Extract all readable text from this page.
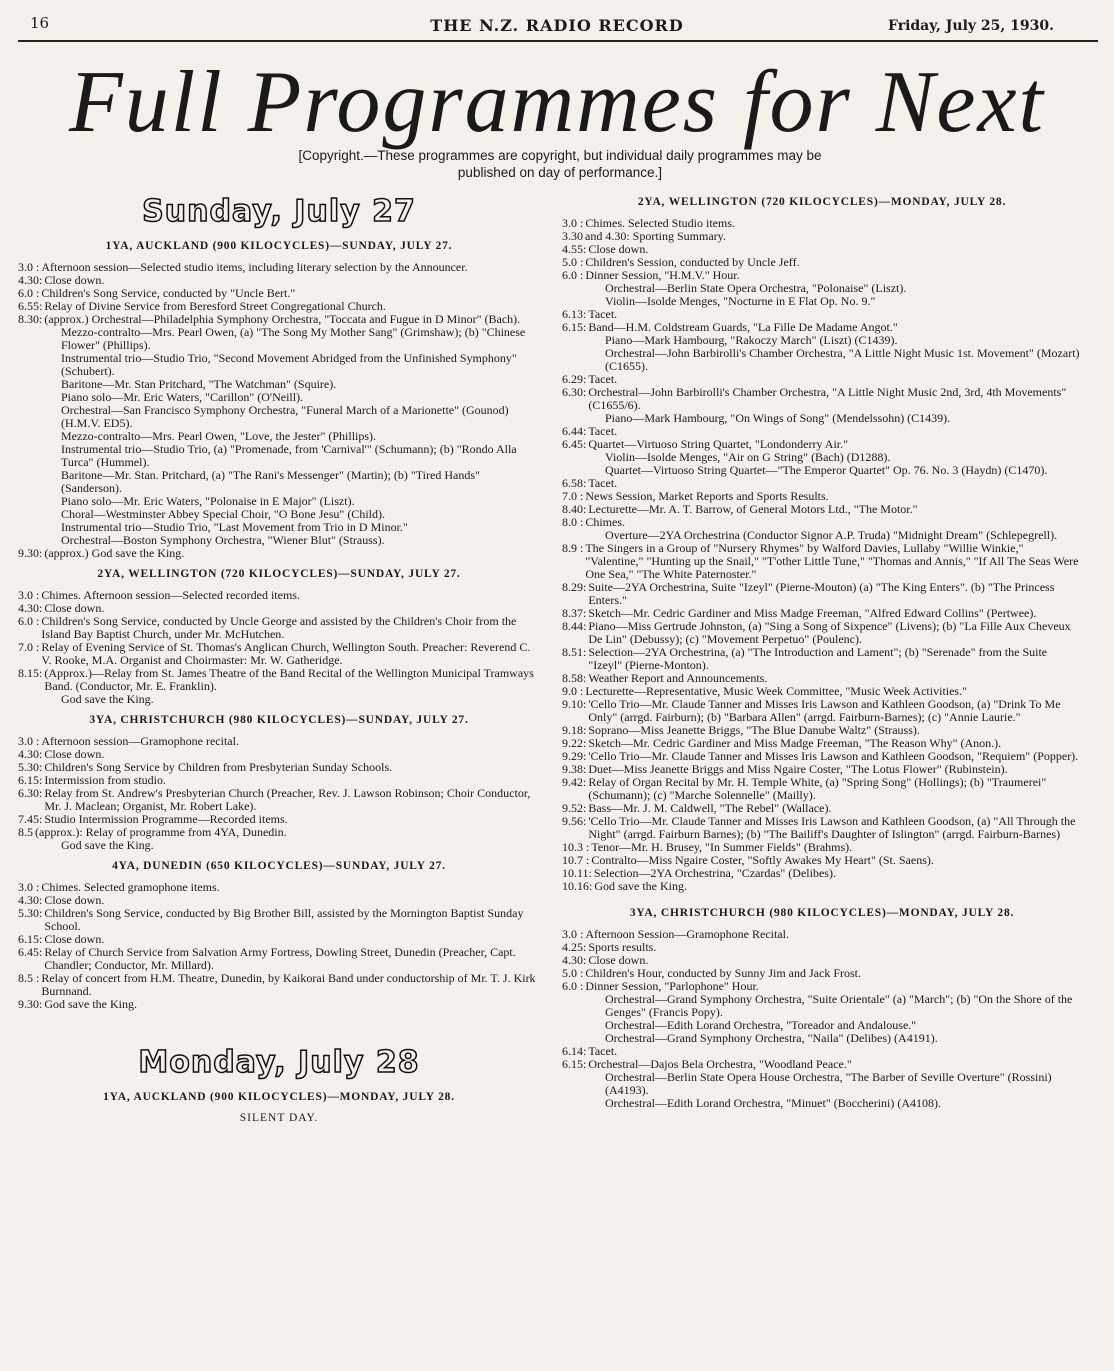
16	THE N.Z. RADIO RECORD	Friday, July 25, 1930.
Full Programmes for Next
[Copyright.—These programmes are copyright, but individual daily programmes may be published on day of performance.]
Sunday, July 27
1YA, AUCKLAND (900 KILOCYCLES)—SUNDAY, JULY 27.
3.0 : Afternoon session—Selected studio items, including literary selection by the Announcer.
4.30: Close down.
6.0 : Children's Song Service, conducted by "Uncle Bert."
6.55: Relay of Divine Service from Beresford Street Congregational Church.
8.30: (approx.) Orchestral—Philadelphia Symphony Orchestra, "Toccata and Fugue in D Minor" (Bach).
Mezzo-contralto—Mrs. Pearl Owen, (a) "The Song My Mother Sang" (Grimshaw); (b) "Chinese Flower" (Phillips).
Instrumental trio—Studio Trio, "Second Movement Abridged from the Unfinished Symphony" (Schubert).
Baritone—Mr. Stan Pritchard, "The Watchman" (Squire).
Piano solo—Mr. Eric Waters, "Carillon" (O'Neill).
Orchestral—San Francisco Symphony Orchestra, "Funeral March of a Marionette" (Gounod) (H.M.V. ED5).
Mezzo-contralto—Mrs. Pearl Owen, "Love, the Jester" (Phillips).
Instrumental trio—Studio Trio, (a) "Promenade, from 'Carnival'" (Schumann); (b) "Rondo Alla Turca" (Hummel).
Baritone—Mr. Stan. Pritchard, (a) "The Rani's Messenger" (Martin); (b) "Tired Hands" (Sanderson).
Piano solo—Mr. Eric Waters, "Polonaise in E Major" (Liszt).
Choral—Westminster Abbey Special Choir, "O Bone Jesu" (Child).
Instrumental trio—Studio Trio, "Last Movement from Trio in D Minor."
Orchestral—Boston Symphony Orchestra, "Wiener Blut" (Strauss).
9.30: (approx.) God save the King.
2YA, WELLINGTON (720 KILOCYCLES)—SUNDAY, JULY 27.
3.0 : Chimes. Afternoon session—Selected recorded items.
4.30: Close down.
6.0 : Children's Song Service, conducted by Uncle George and assisted by the Children's Choir from the Island Bay Baptist Church, under Mr. McHutchen.
7.0 : Relay of Evening Service of St. Thomas's Anglican Church, Wellington South. Preacher: Reverend C. V. Rooke, M.A. Organist and Choirmaster: Mr. W. Gatheridge.
8.15: (Approx.)—Relay from St. James Theatre of the Band Recital of the Wellington Municipal Tramways Band. (Conductor, Mr. E. Franklin).
God save the King.
3YA, CHRISTCHURCH (980 KILOCYCLES)—SUNDAY, JULY 27.
3.0 : Afternoon session—Gramophone recital.
4.30: Close down.
5.30: Children's Song Service by Children from Presbyterian Sunday Schools.
6.15: Intermission from studio.
6.30: Relay from St. Andrew's Presbyterian Church (Preacher, Rev. J. Lawson Robinson; Choir Conductor, Mr. J. Maclean; Organist, Mr. Robert Lake).
7.45: Studio Intermission Programme—Recorded items.
8.5 (approx.): Relay of programme from 4YA, Dunedin.
God save the King.
4YA, DUNEDIN (650 KILOCYCLES)—SUNDAY, JULY 27.
3.0 : Chimes. Selected gramophone items.
4.30: Close down.
5.30: Children's Song Service, conducted by Big Brother Bill, assisted by the Mornington Baptist Sunday School.
6.15: Close down.
6.45: Relay of Church Service from Salvation Army Fortress, Dowling Street, Dunedin (Preacher, Capt. Chandler; Conductor, Mr. Millard).
8.5 : Relay of concert from H.M. Theatre, Dunedin, by Kaikorai Band under conductorship of Mr. T. J. Kirk Burnnand.
9.30: God save the King.
Monday, July 28
1YA, AUCKLAND (900 KILOCYCLES)—MONDAY, JULY 28.
SILENT DAY.
2YA, WELLINGTON (720 KILOCYCLES)—MONDAY, JULY 28.
3.0 : Chimes. Selected Studio items.
3.30 and 4.30: Sporting Summary.
4.55: Close down.
5.0 : Children's Session, conducted by Uncle Jeff.
6.0 : Dinner Session, "H.M.V." Hour.
Orchestral—Berlin State Opera Orchestra, "Polonaise" (Liszt).
Violin—Isolde Menges, "Nocturne in E Flat Op. No. 9."
6.13: Tacet.
6.15: Band—H.M. Coldstream Guards, "La Fille De Madame Angot."
Piano—Mark Hambourg, "Rakoczy March" (Liszt) (C1439).
Orchestral—John Barbirolli's Chamber Orchestra, "A Little Night Music 1st. Movement" (Mozart) (C1655).
6.29: Tacet.
6.30: Orchestral—John Barbirolli's Chamber Orchestra, "A Little Night Music 2nd, 3rd, 4th Movements" (C1655/6).
Piano—Mark Hambourg, "On Wings of Song" (Mendelssohn) (C1439).
6.44: Tacet.
6.45: Quartet—Virtuoso String Quartet, "Londonderry Air."
Violin—Isolde Menges, "Air on G String" (Bach) (D1288).
Quartet—Virtuoso String Quartet—"The Emperor Quartet" Op. 76. No. 3 (Haydn) (C1470).
6.58: Tacet.
7.0 : News Session, Market Reports and Sports Results.
8.40: Lecturette—Mr. A. T. Barrow, of General Motors Ltd., "The Motor."
8.0 : Chimes.
Overture—2YA Orchestrina (Conductor Signor A.P. Truda) "Midnight Dream" (Schlepegrell).
8.9 : The Singers in a Group of "Nursery Rhymes" by Walford Davies, Lullaby "Willie Winkie," "Valentine," "Hunting up the Snail," "T'other Little Tune," "Thomas and Annis," "If All The Seas Were One Sea," "The White Paternoster."
8.29: Suite—2YA Orchestrina, Suite "Izeyl" (Pierne-Mouton) (a) "The King Enters". (b) "The Princess Enters."
8.37: Sketch—Mr. Cedric Gardiner and Miss Madge Freeman, "Alfred Edward Collins" (Pertwee).
8.44: Piano—Miss Gertrude Johnston, (a) "Sing a Song of Sixpence" (Livens); (b) "La Fille Aux Cheveux De Lin" (Debussy); (c) "Movement Perpetuo" (Poulenc).
8.51: Selection—2YA Orchestrina, (a) "The Introduction and Lament"; (b) "Serenade" from the Suite "Izeyl" (Pierne-Monton).
8.58: Weather Report and Announcements.
9.0 : Lecturette—Representative, Music Week Committee, "Music Week Activities."
9.10: 'Cello Trio—Mr. Claude Tanner and Misses Iris Lawson and Kathleen Goodson, (a) "Drink To Me Only" (arrgd. Fairburn); (b) "Barbara Allen" (arrgd. Fairburn-Barnes); (c) "Annie Laurie."
9.18: Soprano—Miss Jeanette Briggs, "The Blue Danube Waltz" (Strauss).
9.22: Sketch—Mr. Cedric Gardiner and Miss Madge Freeman, "The Reason Why" (Anon.).
9.29: 'Cello Trio—Mr. Claude Tanner and Misses Iris Lawson and Kathleen Goodson, "Requiem" (Popper).
9.38: Duet—Miss Jeanette Briggs and Miss Ngaire Coster, "The Lotus Flower" (Rubinstein).
9.42: Relay of Organ Recital by Mr. H. Temple White, (a) "Spring Song" (Hollings); (b) "Traumerei" (Schumann); (c) "Marche Solennelle" (Mailly).
9.52: Bass—Mr. J. M. Caldwell, "The Rebel" (Wallace).
9.56: 'Cello Trio—Mr. Claude Tanner and Misses Iris Lawson and Kathleen Goodson, (a) "All Through the Night" (arrgd. Fairburn Barnes); (b) "The Bailiff's Daughter of Islington" (arrgd. Fairburn-Barnes)
10.3 : Tenor—Mr. H. Brusey, "In Summer Fields" (Brahms).
10.7 : Contralto—Miss Ngaire Coster, "Softly Awakes My Heart" (St. Saens).
10.11: Selection—2YA Orchestrina, "Czardas" (Delibes).
10.16: God save the King.
3YA, CHRISTCHURCH (980 KILOCYCLES)—MONDAY, JULY 28.
3.0 : Afternoon Session—Gramophone Recital.
4.25: Sports results.
4.30: Close down.
5.0 : Children's Hour, conducted by Sunny Jim and Jack Frost.
6.0 : Dinner Session, "Parlophone" Hour.
Orchestral—Grand Symphony Orchestra, "Suite Orientale" (a) "March"; (b) "On the Shore of the Genges" (Francis Popy).
Orchestral—Edith Lorand Orchestra, "Toreador and Andalouse."
Orchestral—Grand Symphony Orchestra, "Naila" (Delibes) (A4191).
6.14: Tacet.
6.15: Orchestral—Dajos Bela Orchestra, "Woodland Peace."
Orchestral—Berlin State Opera House Orchestra, "The Barber of Seville Overture" (Rossini) (A4193).
Orchestral—Edith Lorand Orchestra, "Minuet" (Boccherini) (A4108).
